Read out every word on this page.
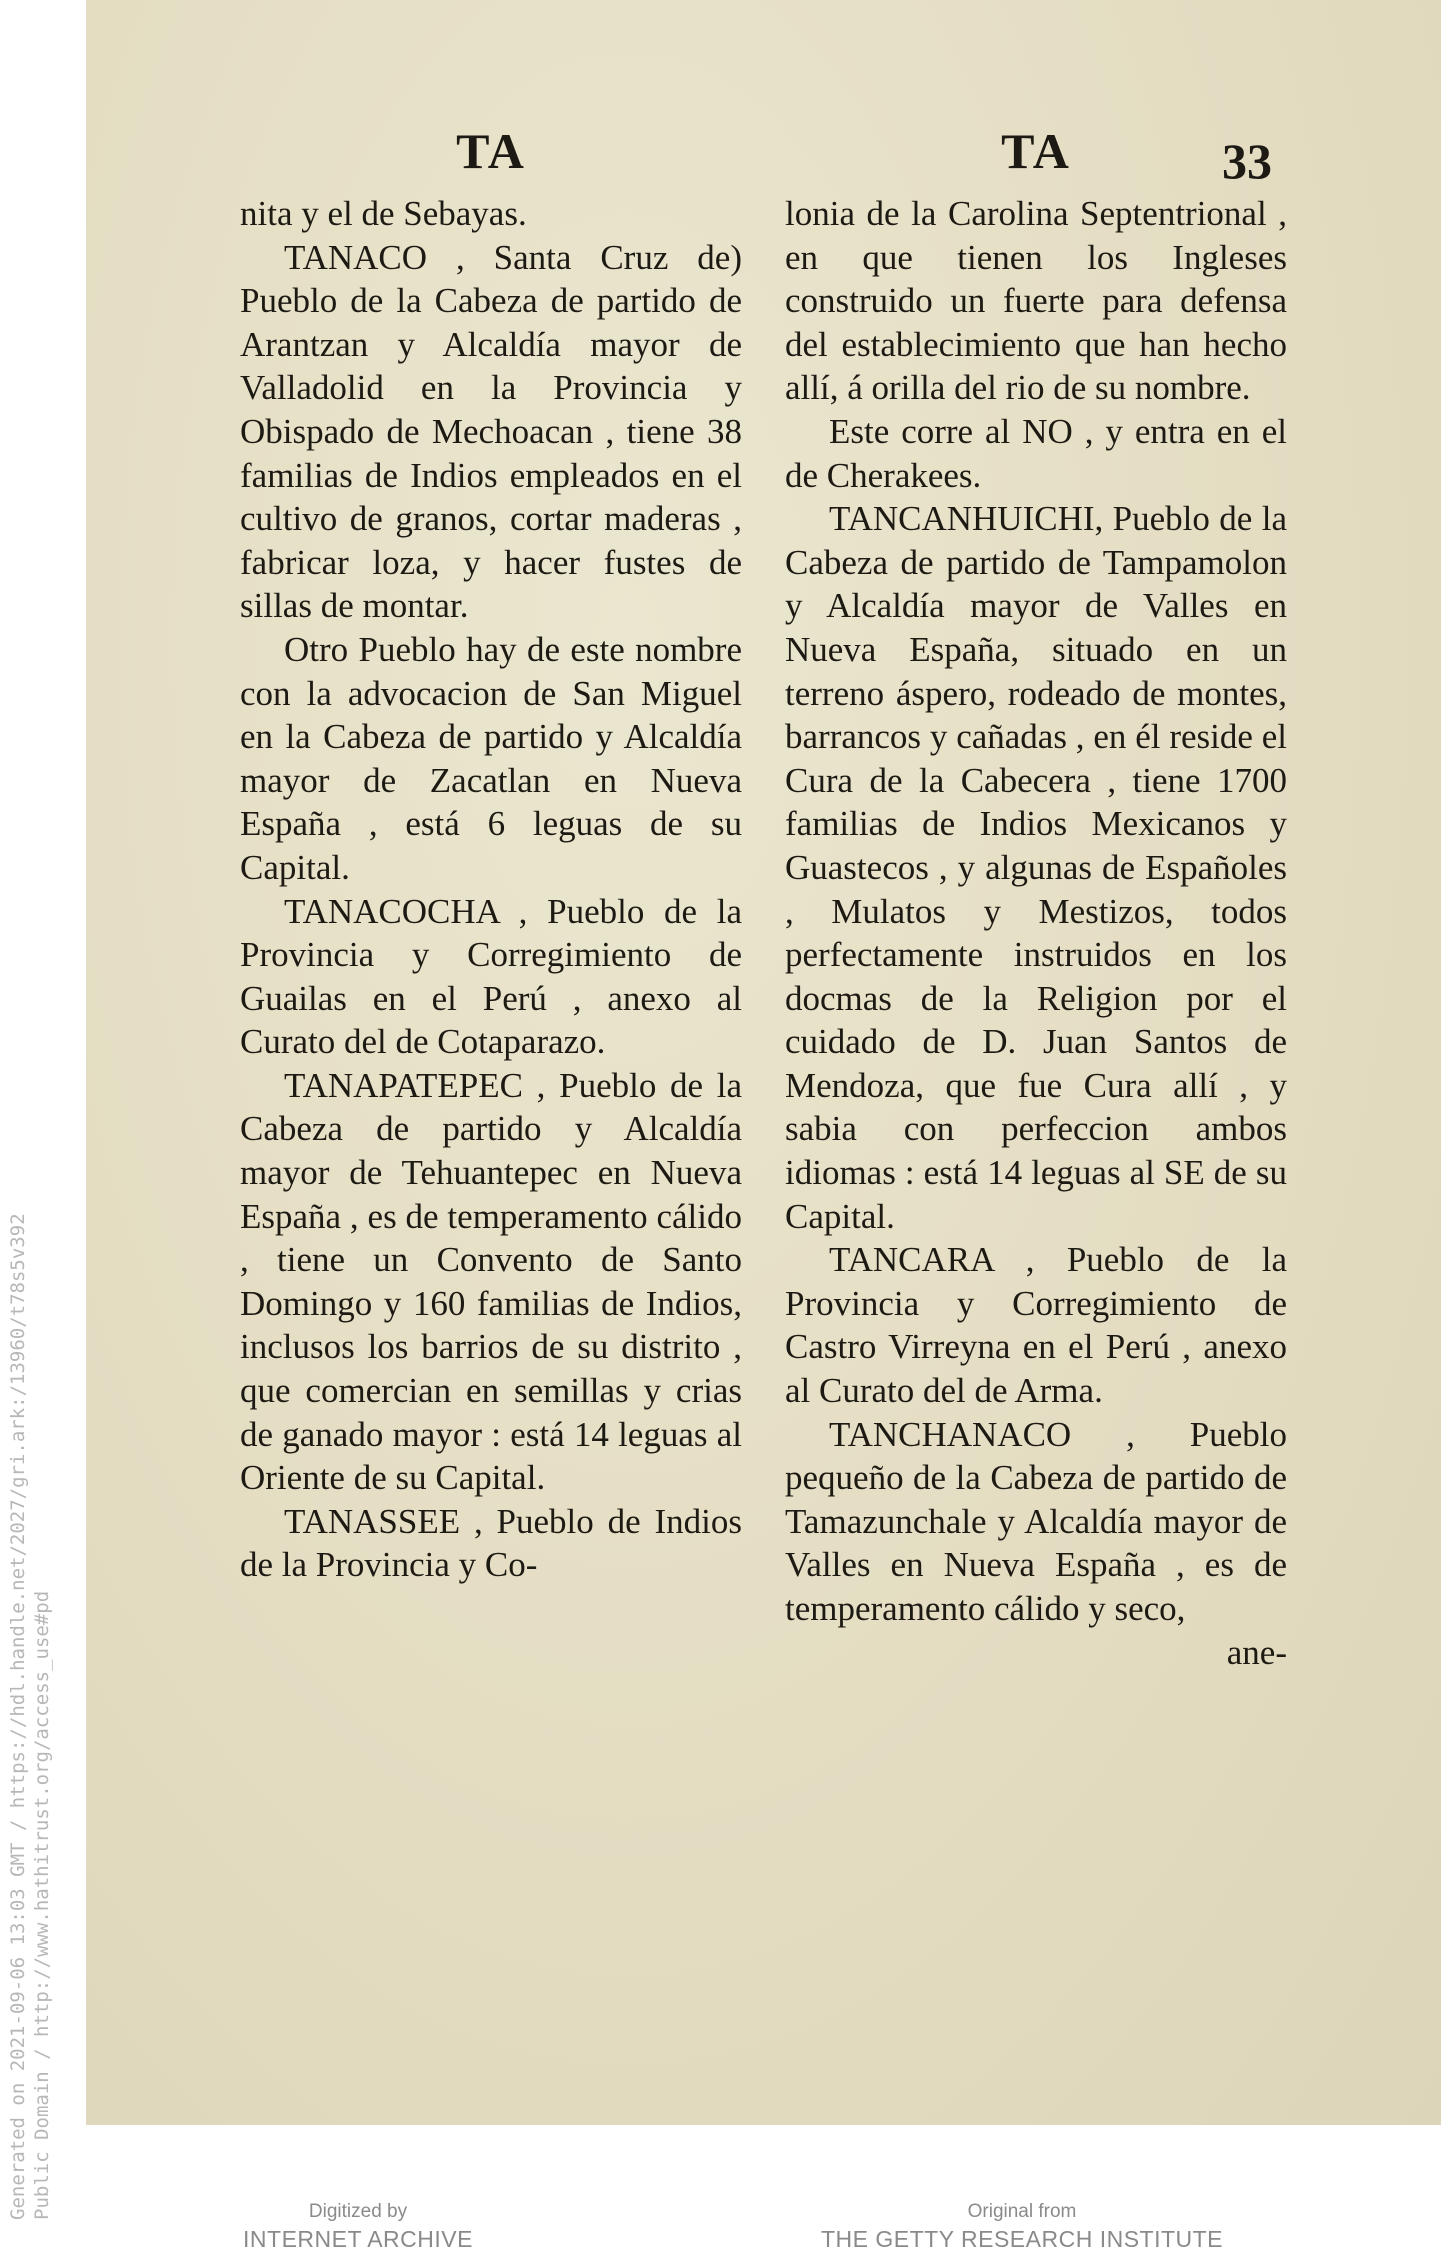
Generated on 2021-09-06 13:03 GMT / https://hdl.handle.net/2027/gri.ark:/13960/t78s5v392 Public Domain / http://www.hathitrust.org/access_use#pd
33
TA

nita y el de Sebayas.

TANACO , Santa Cruz de) Pueblo de la Cabeza de partido de Arantzan y Alcaldía mayor de Valladolid en la Provincia y Obispado de Mechoacan , tiene 38 familias de Indios empleados en el cultivo de granos, cortar maderas , fabricar loza, y hacer fustes de sillas de montar.

Otro Pueblo hay de este nombre con la advocacion de San Miguel en la Cabeza de partido y Alcaldía mayor de Zacatlan en Nueva España , está 6 leguas de su Capital.

TANACOCHA , Pueblo de la Provincia y Corregimiento de Guailas en el Perú , anexo al Curato del de Cotaparazo.

TANAPATEPEC , Pueblo de la Cabeza de partido y Alcaldía mayor de Tehuantepec en Nueva España , es de temperamento cálido , tiene un Convento de Santo Domingo y 160 familias de Indios, inclusos los barrios de su distrito , que comercian en semillas y crias de ganado mayor : está 14 leguas al Oriente de su Capital.

TANASSEE , Pueblo de Indios de la Provincia y Co-

TA

lonia de la Carolina Septentrional , en que tienen los Ingleses construido un fuerte para defensa del establecimiento que han hecho allí, á orilla del rio de su nombre.

Este corre al NO , y entra en el de Cherakees.

TANCANHUICHI, Pueblo de la Cabeza de partido de Tampamolon y Alcaldía mayor de Valles en Nueva España, situado en un terreno áspero, rodeado de montes, barrancos y cañadas , en él reside el Cura de la Cabecera , tiene 1700 familias de Indios Mexicanos y Guastecos , y algunas de Españoles , Mulatos y Mestizos, todos perfectamente instruidos en los docmas de la Religion por el cuidado de D. Juan Santos de Mendoza, que fue Cura allí , y sabia con perfeccion ambos idiomas : está 14 leguas al SE de su Capital.

TANCARA , Pueblo de la Provincia y Corregimiento de Castro Virreyna en el Perú , anexo al Curato del de Arma.

TANCHANACO , Pueblo pequeño de la Cabeza de partido de Tamazunchale y Alcaldía mayor de Valles en Nueva España , es de temperamento cálido y seco,

ane-

Digitized by
INTERNET ARCHIVE
Original from
THE GETTY RESEARCH INSTITUTE
